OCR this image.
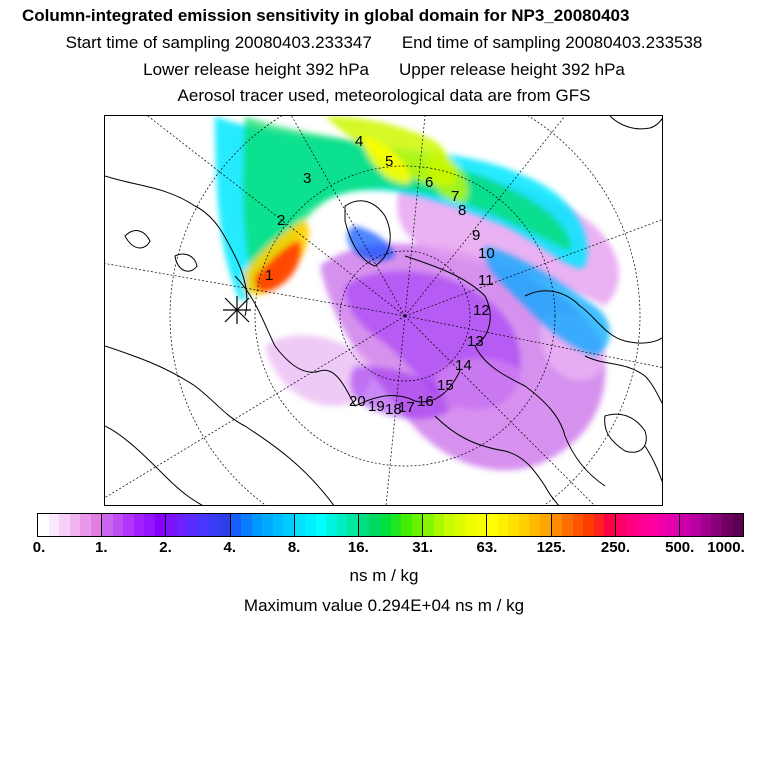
Column-integrated emission sensitivity in global domain for NP3_20080403
Start time of sampling 20080403.233347 End time of sampling 20080403.233538
Lower release height 392 hPa Upper release height 392 hPa
Aerosol tracer used, meteorological data are from GFS
1
2
3
4
5
6
7
8
9
10
11
12
13
14
15
16
17
18
19
20
0.	1.	2.	4.	8.	16.	31.	63.	125. 250. 500. 1000.
ns m / kg
Maximum value 0.294E+04 ns m / kg
